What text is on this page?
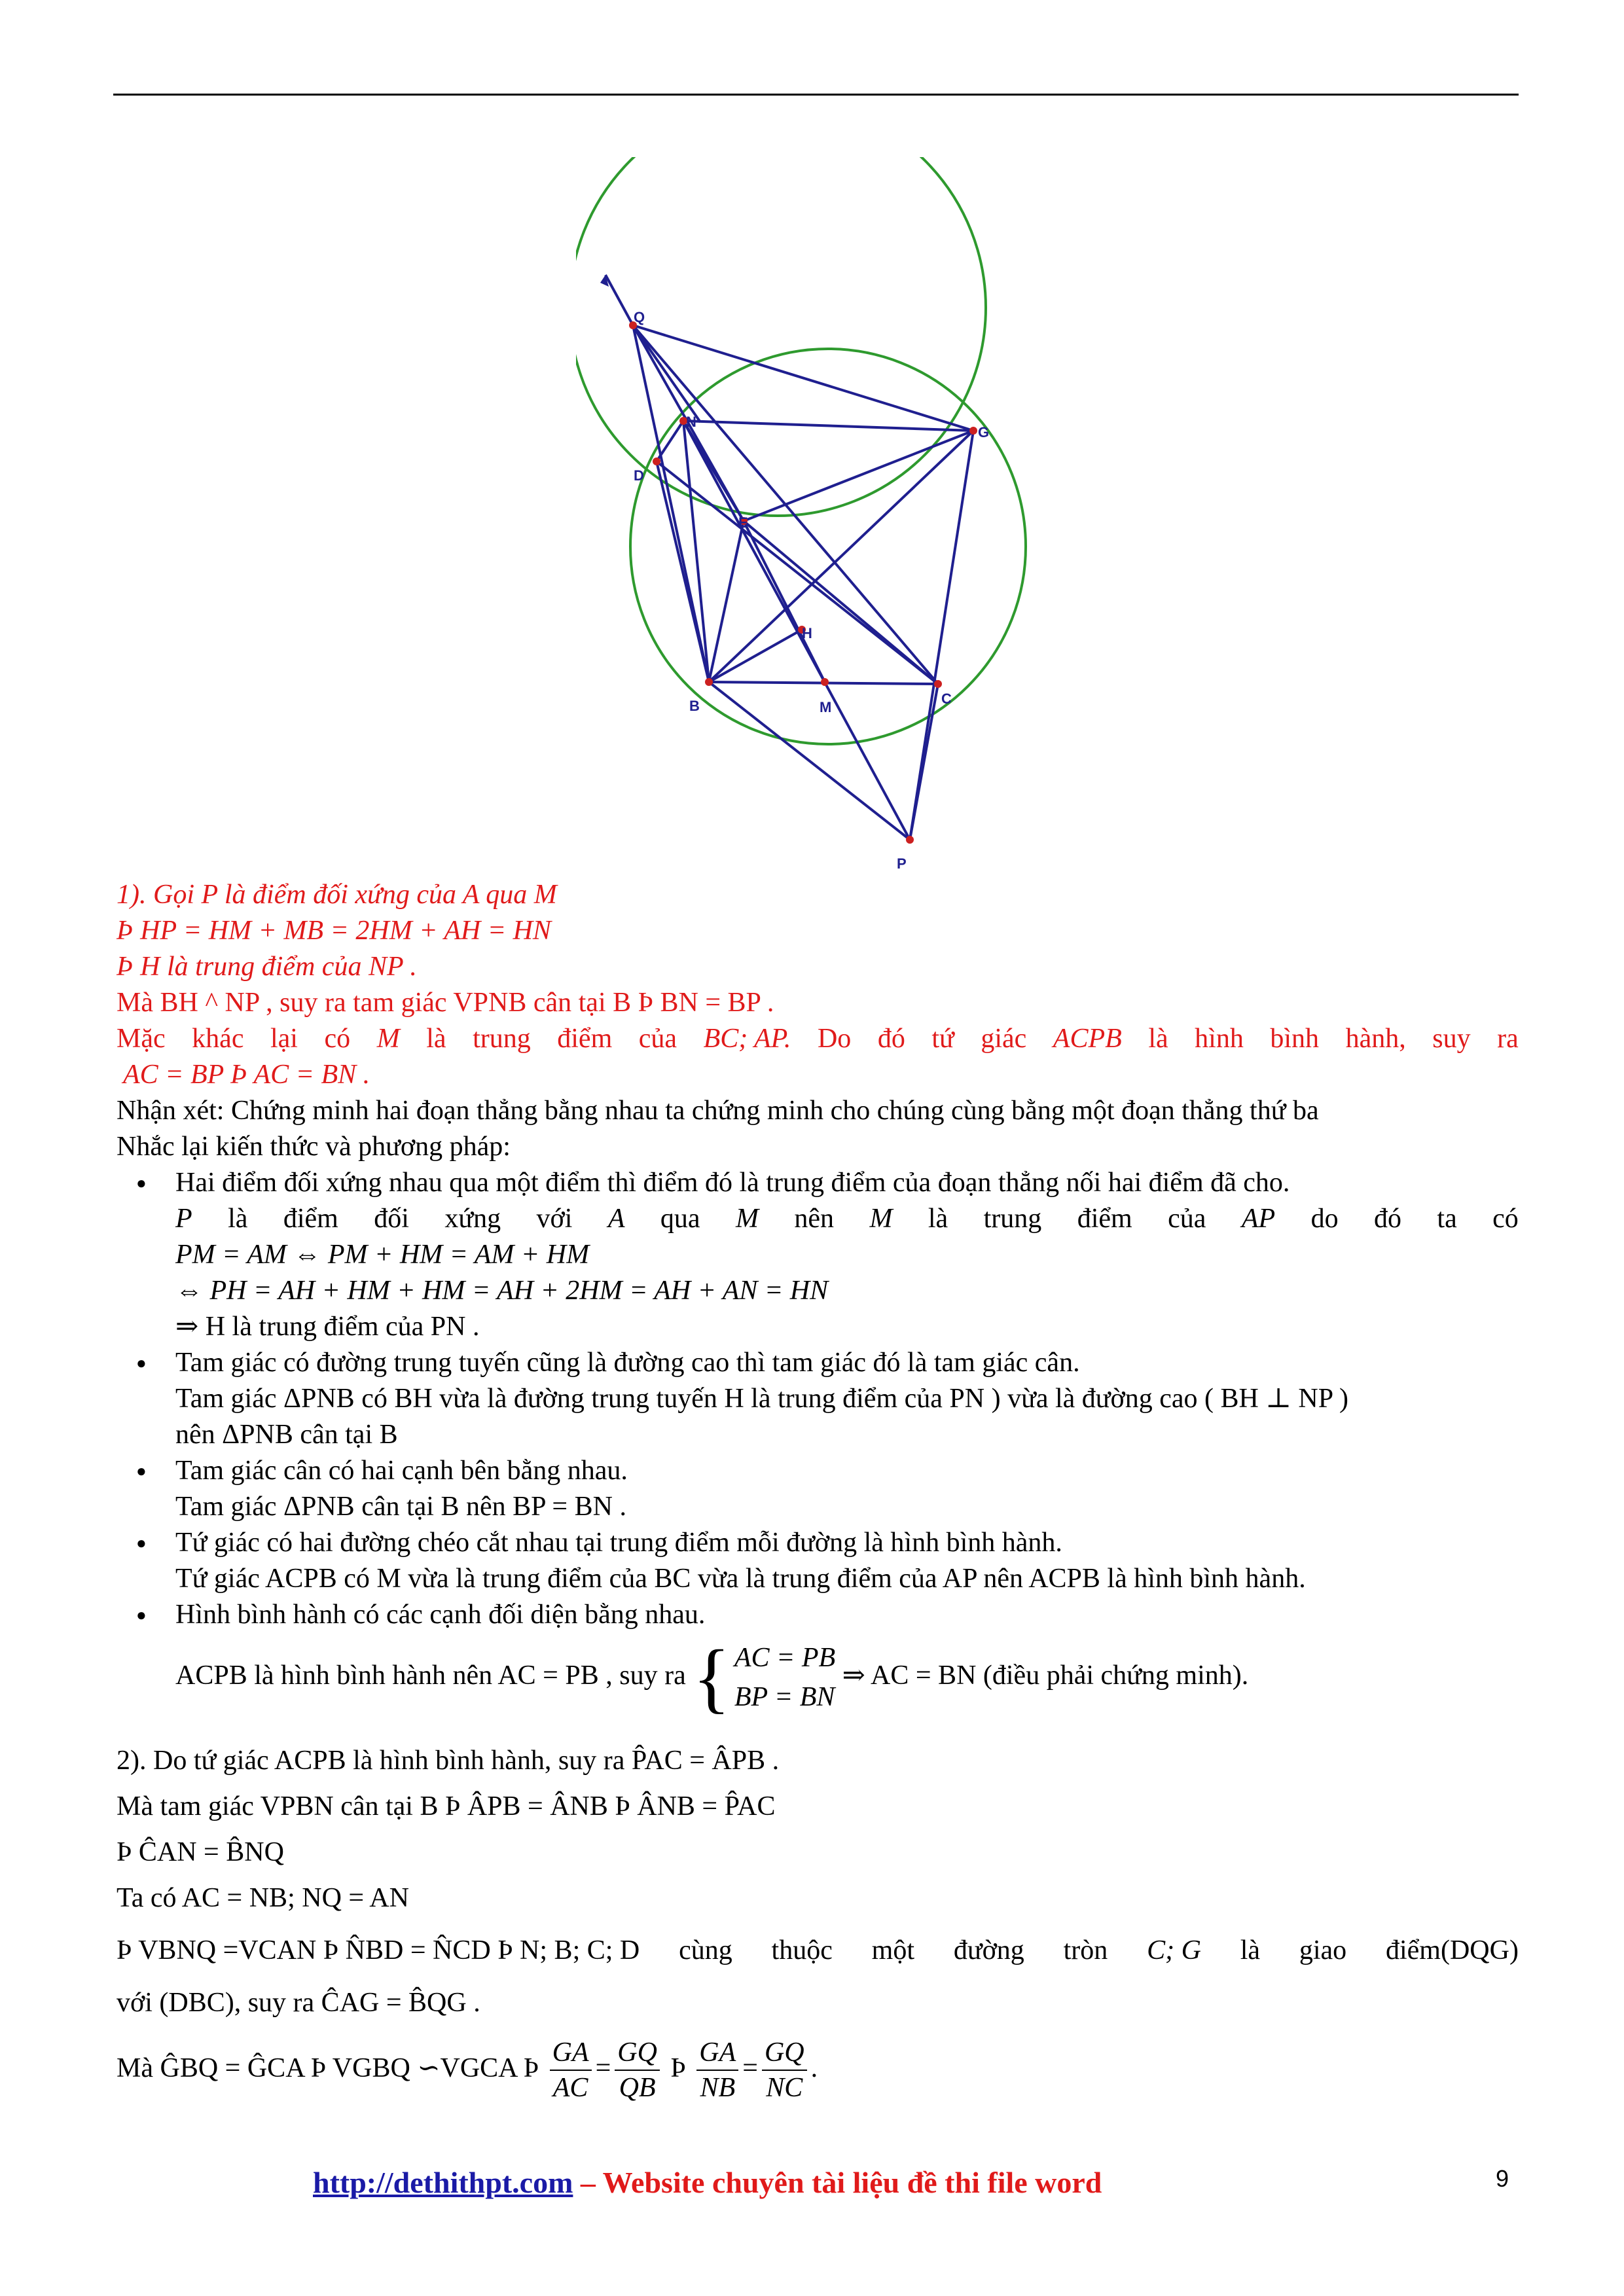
Q
N
D
E
G
H
B	M
C
P
1). Gọi P là điểm đối xứng của A qua M
Þ HP = HM + MB = 2HM + AH = HN
Þ H là trung điểm của NP .
Mà BH ^ NP , suy ra tam giác VPNB cân tại B Þ BN = BP .
Mặc khác lại có M là trung điểm của BC; AP. Do đó tứ giác ACPB là hình bình hành, suy ra
AC = BP Þ AC = BN .
Nhận xét: Chứng minh hai đoạn thẳng bằng nhau ta chứng minh cho chúng cùng bằng một đoạn thẳng thứ ba
Nhắc lại kiến thức và phương pháp:
● Hai điểm đối xứng nhau qua một điểm thì điểm đó là trung điểm của đoạn thẳng nối hai điểm đã cho.
P là điểm đối xứng với A qua M nên M là trung điểm của AP do đó ta có
PM = AM ⇔ PM + HM = AM + HM
⇔ PH = AH + HM + HM = AH + 2HM = AH + AN = HN
⇒ H là trung điểm của PN .
● Tam giác có đường trung tuyến cũng là đường cao thì tam giác đó là tam giác cân.
Tam giác ΔPNB có BH vừa là đường trung tuyến H là trung điểm của PN ) vừa là đường cao ( BH ⊥ NP )
nên ΔPNB cân tại B
● Tam giác cân có hai cạnh bên bằng nhau.
Tam giác ΔPNB cân tại B nên BP = BN .
● Tứ giác có hai đường chéo cắt nhau tại trung điểm mỗi đường là hình bình hành.
Tứ giác ACPB có M vừa là trung điểm của BC vừa là trung điểm của AP nên ACPB là hình bình hành.
● Hình bình hành có các cạnh đối diện bằng nhau.
ACPB là hình bình hành nên AC = PB , suy ra { AC = PB
BP = BN
⇒ AC = BN (điều phải chứng minh).
2). Do tứ giác ACPB là hình bình hành, suy ra P̂AC = ÂPB .
Mà tam giác VPBN cân tại B Þ ÂPB = ÂNB Þ ÂNB = P̂AC
Þ ĈAN = B̂NQ
Ta có AC = NB; NQ = AN
Þ VBNQ =VCAN Þ N̂BD = N̂CD Þ N; B; C; D cùng thuộc một đường tròn C; G là giao điểm(DQG)
với (DBC), suy ra ĈAG = B̂QG .
Mà ĜBQ = ĜCA Þ VGBQ ∽VGCA Þ $\frac{GA}{AC} = \frac{GQ}{QB}$ Þ $\frac{GA}{NB} = \frac{GQ}{NC}$ .
http://dethithpt.com – Website chuyên tài liệu đề thi file word	9
